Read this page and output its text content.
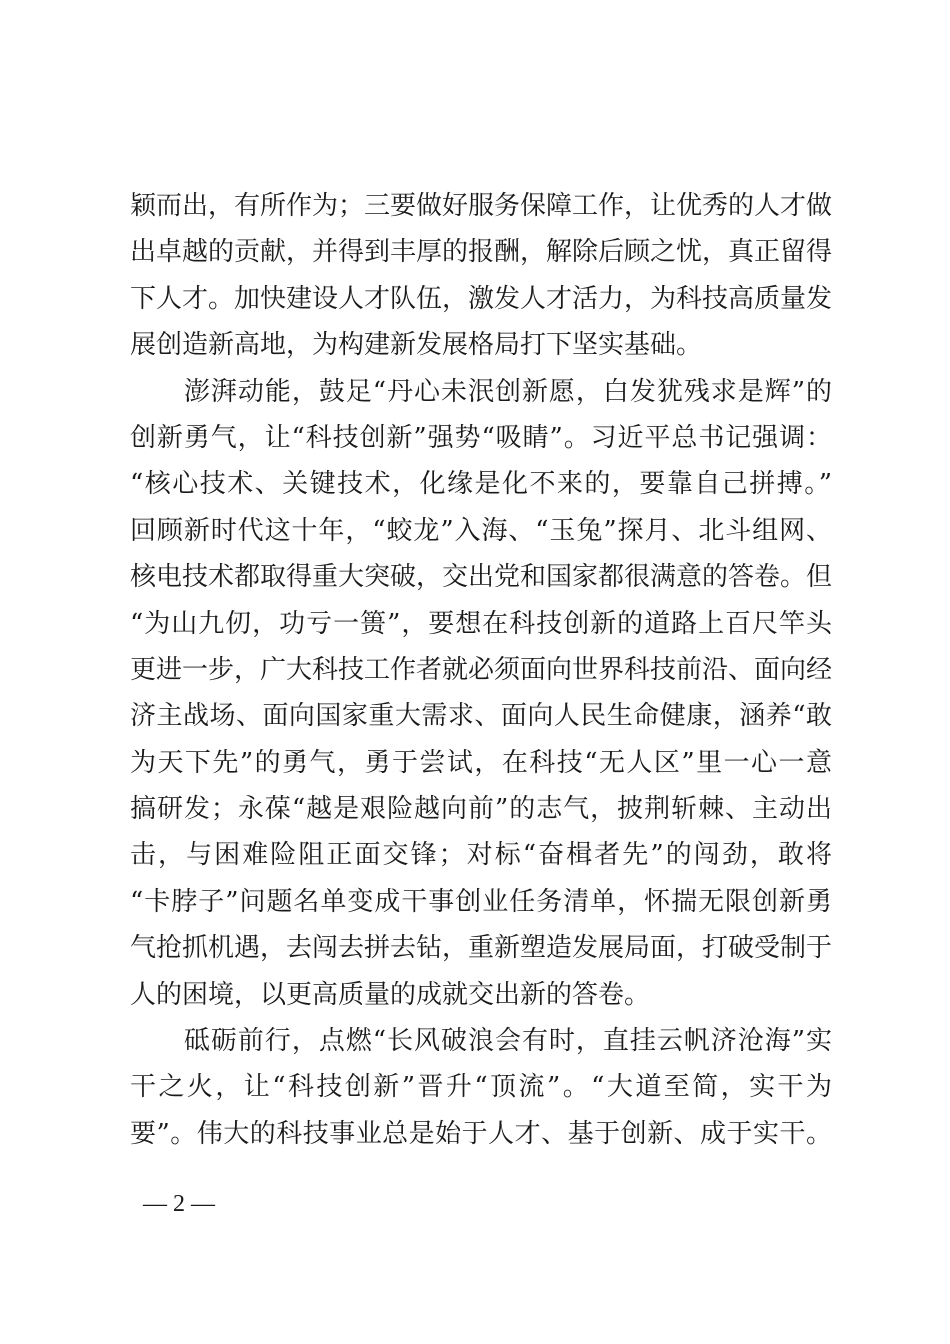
颖而出，有所作为；三要做好服务保障工作，让优秀的人才做
出卓越的贡献，并得到丰厚的报酬，解除后顾之忧，真正留得
下人才。加快建设人才队伍，激发人才活力，为科技高质量发
展创造新高地，为构建新发展格局打下坚实基础。
　　澎湃动能，鼓足“丹心未泯创新愿，白发犹残求是辉”的
创新勇气，让“科技创新”强势“吸睛”。习近平总书记强调：
“核心技术、关键技术，化缘是化不来的，要靠自己拼搏。”
回顾新时代这十年，“蛟龙”入海、“玉兔”探月、北斗组网、
核电技术都取得重大突破，交出党和国家都很满意的答卷。但
“为山九仞，功亏一篑”，要想在科技创新的道路上百尺竿头
更进一步，广大科技工作者就必须面向世界科技前沿、面向经
济主战场、面向国家重大需求、面向人民生命健康，涵养“敢
为天下先”的勇气，勇于尝试，在科技“无人区”里一心一意
搞研发；永葆“越是艰险越向前”的志气，披荆斩棘、主动出
击，与困难险阻正面交锋；对标“奋楫者先”的闯劲，敢将
“卡脖子”问题名单变成干事创业任务清单，怀揣无限创新勇
气抢抓机遇，去闯去拼去钻，重新塑造发展局面，打破受制于
人的困境，以更高质量的成就交出新的答卷。
　　砥砺前行，点燃“长风破浪会有时，直挂云帆济沧海”实
干之火，让“科技创新”晋升“顶流”。“大道至简，实干为
要”。伟大的科技事业总是始于人才、基于创新、成于实干。
— 2 —
